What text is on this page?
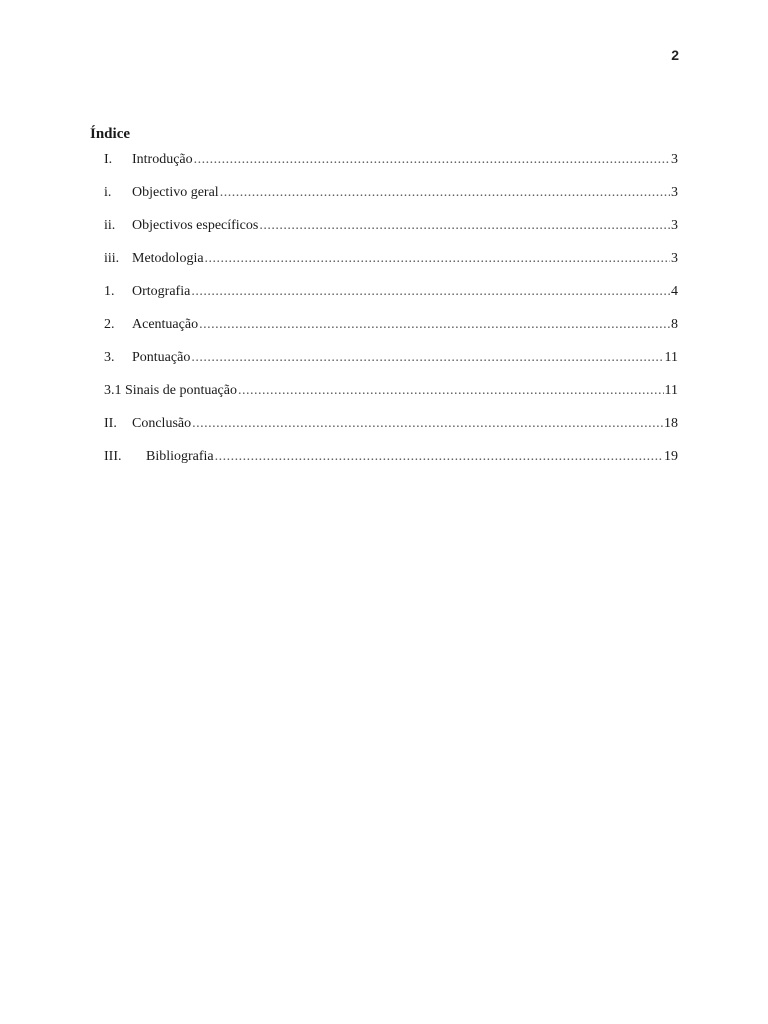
2
Índice
I.	Introdução .....	3
i.	Objectivo geral .....	3
ii.	Objectivos específicos .....	3
iii. Metodologia .....	3
1.	Ortografia .....	4
2.	Acentuação .....	8
3.	Pontuação .....	11
3.1 Sinais de pontuação .....	11
II.	Conclusão .....	18
III.	Bibliografia .....	19
